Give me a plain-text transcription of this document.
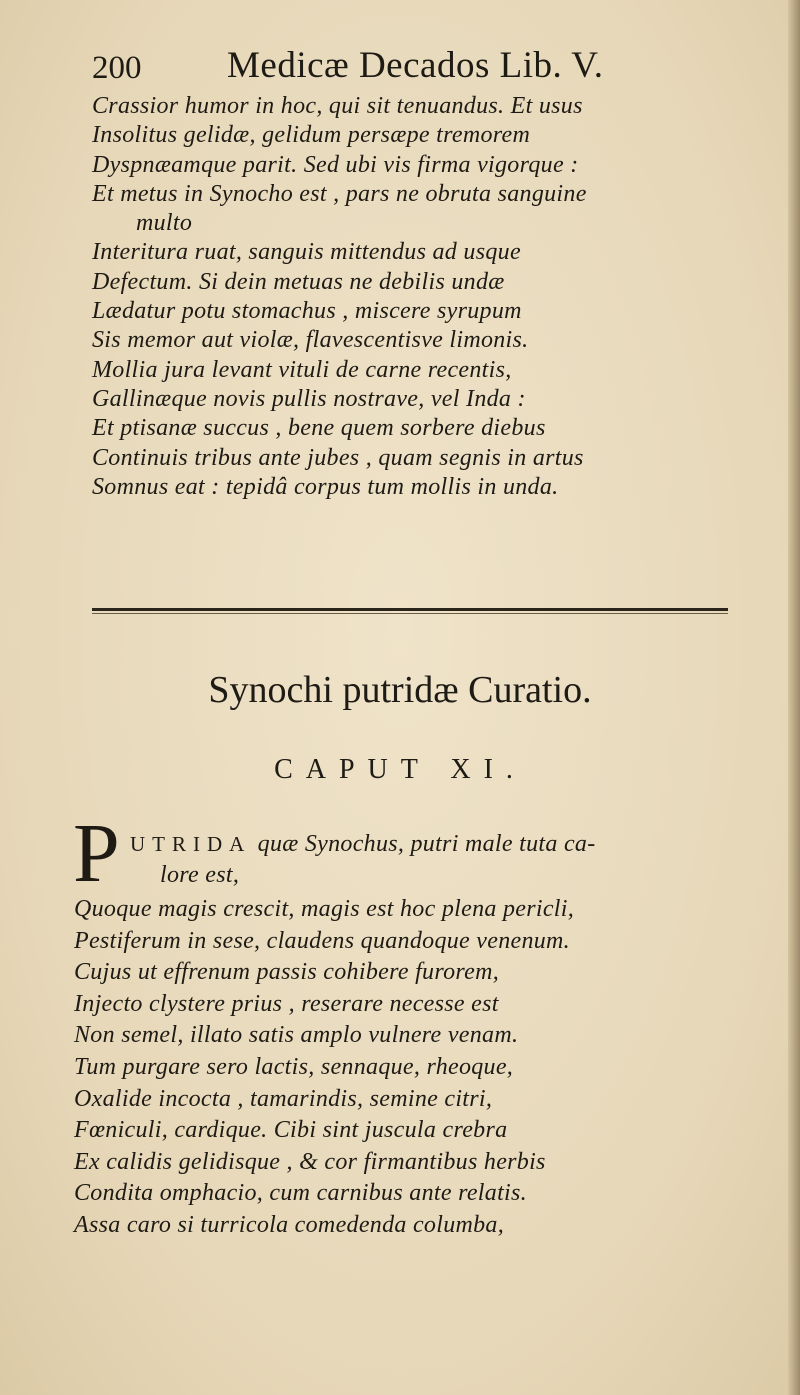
200 Medicæ Decados Lib. V.
Crassior humor in hoc, qui sit tenuandus. Et usus
Insolitus gelidæ, gelidum persæpe tremorem
Dyspnæamque parit. Sed ubi vis firma vigorque :
Et metus in Synocho est , pars ne obruta sanguine
multo
Interitura ruat, sanguis mittendus ad usque
Defectum. Si dein metuas ne debilis undæ
Lædatur potu stomachus , miscere syrupum
Sis memor aut violæ, flavescentisve limonis.
Mollia jura levant vituli de carne recentis,
Gallinæque novis pullis nostrave, vel Inda :
Et ptisanæ succus , bene quem sorbere diebus
Continuis tribus ante jubes , quam segnis in artus
Somnus eat : tepidâ corpus tum mollis in unda.
Synochi putridæ Curatio.
CAPUT XI.
P UTRIDA quæ Synochus, putri male tuta ca-
lore est,
Quoque magis crescit, magis est hoc plena pericli,
Pestiferum in sese, claudens quandoque venenum.
Cujus ut effrenum passis cohibere furorem,
Injecto clystere prius , reserare necesse est
Non semel, illato satis amplo vulnere venam.
Tum purgare sero lactis, sennaque, rheoque,
Oxalide incocta , tamarindis, semine citri,
Fœniculi, cardique. Cibi sint juscula crebra
Ex calidis gelidisque , & cor firmantibus herbis
Condita omphacio, cum carnibus ante relatis.
Assa caro si turricola comedenda columba,
